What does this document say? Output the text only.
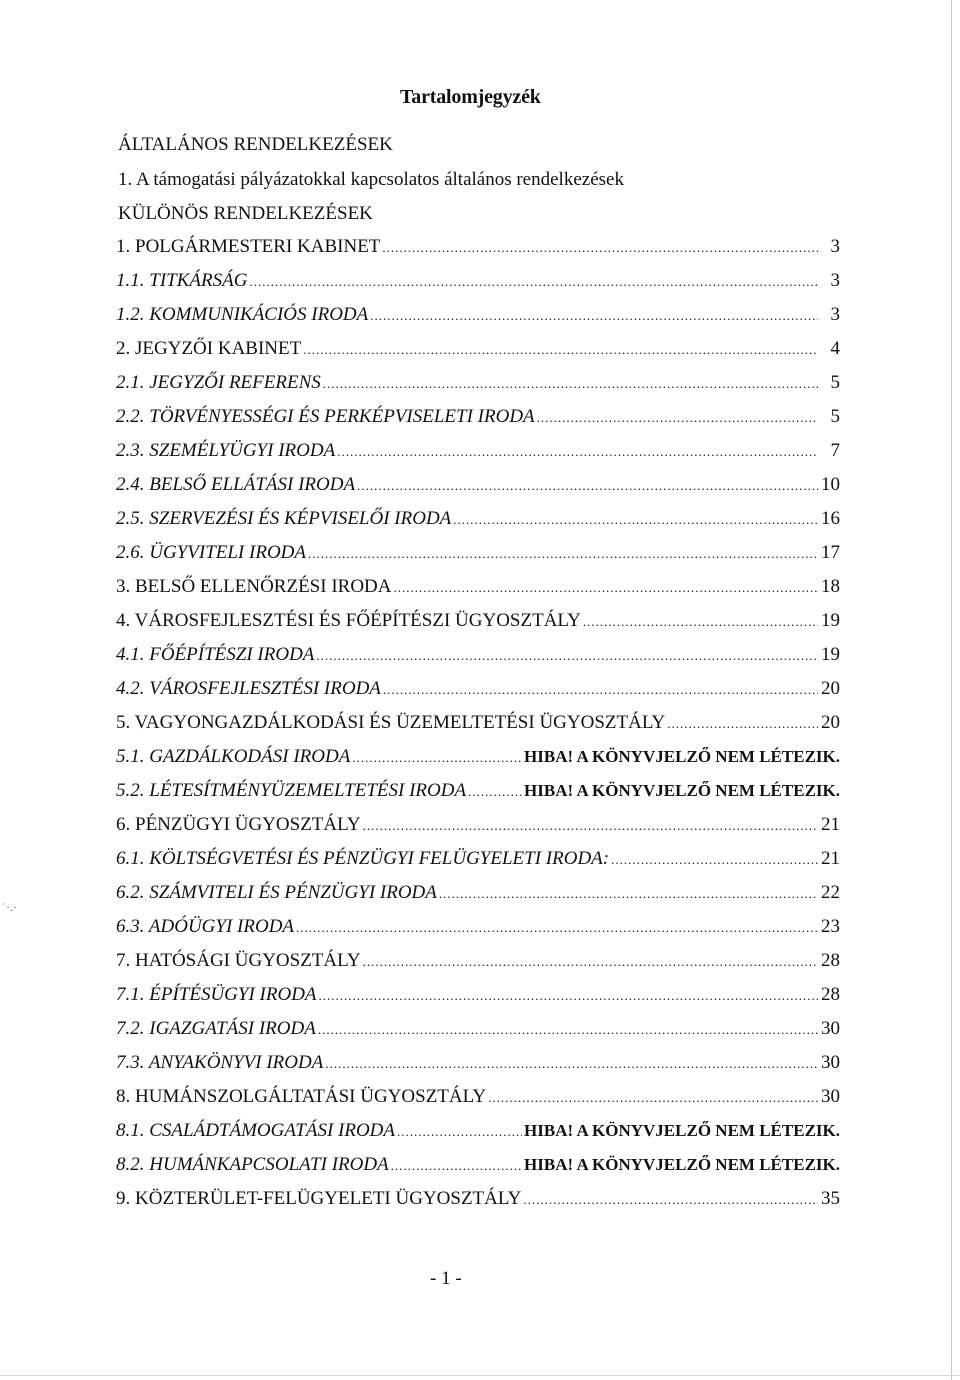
˙·.·
Tartalomjegyzék
ÁLTALÁNOS RENDELKEZÉSEK
1. A támogatási pályázatokkal kapcsolatos általános rendelkezések
KÜLÖNÖS RENDELKEZÉSEK
1. POLGÁRMESTERI KABINET .....	3
1.1. TITKÁRSÁG .....	3
1.2. KOMMUNIKÁCIÓS IRODA .....	3
2. JEGYZŐI KABINET .....	4
2.1. JEGYZŐI REFERENS .....	5
2.2. TÖRVÉNYESSÉGI ÉS PERKÉPVISELETI IRODA .....	5
2.3. SZEMÉLYÜGYI IRODA .....	7
2.4. BELSŐ ELLÁTÁSI IRODA .....	10
2.5. SZERVEZÉSI ÉS KÉPVISELŐI IRODA .....	16
2.6. ÜGYVITELI IRODA .....	17
3. BELSŐ ELLENŐRZÉSI IRODA .....	18
4. VÁROSFEJLESZTÉSI ÉS FŐÉPÍTÉSZI ÜGYOSZTÁLY .....	19
4.1. FŐÉPÍTÉSZI IRODA .....	19
4.2. VÁROSFEJLESZTÉSI IRODA .....	20
5. VAGYONGAZDÁLKODÁSI ÉS ÜZEMELTETÉSI ÜGYOSZTÁLY .....	20
5.1. GAZDÁLKODÁSI IRODA .....	HIBA! A KÖNYVJELZŐ NEM LÉTEZIK.
5.2. LÉTESÍTMÉNYÜZEMELTETÉSI IRODA .....	HIBA! A KÖNYVJELZŐ NEM LÉTEZIK.
6. PÉNZÜGYI ÜGYOSZTÁLY .....	21
6.1. KÖLTSÉGVETÉSI ÉS PÉNZÜGYI FELÜGYELETI IRODA: .....	21
6.2. SZÁMVITELI ÉS PÉNZÜGYI IRODA .....	22
6.3. ADÓÜGYI IRODA .....	23
7. HATÓSÁGI ÜGYOSZTÁLY .....	28
7.1. ÉPÍTÉSÜGYI IRODA .....	28
7.2. IGAZGATÁSI IRODA .....	30
7.3. ANYAKÖNYVI IRODA .....	30
8. HUMÁNSZOLGÁLTATÁSI ÜGYOSZTÁLY .....	30
8.1. CSALÁDTÁMOGATÁSI IRODA .....	HIBA! A KÖNYVJELZŐ NEM LÉTEZIK.
8.2. HUMÁNKAPCSOLATI IRODA .....	HIBA! A KÖNYVJELZŐ NEM LÉTEZIK.
9. KÖZTERÜLET-FELÜGYELETI ÜGYOSZTÁLY .....	35
- 1 -
